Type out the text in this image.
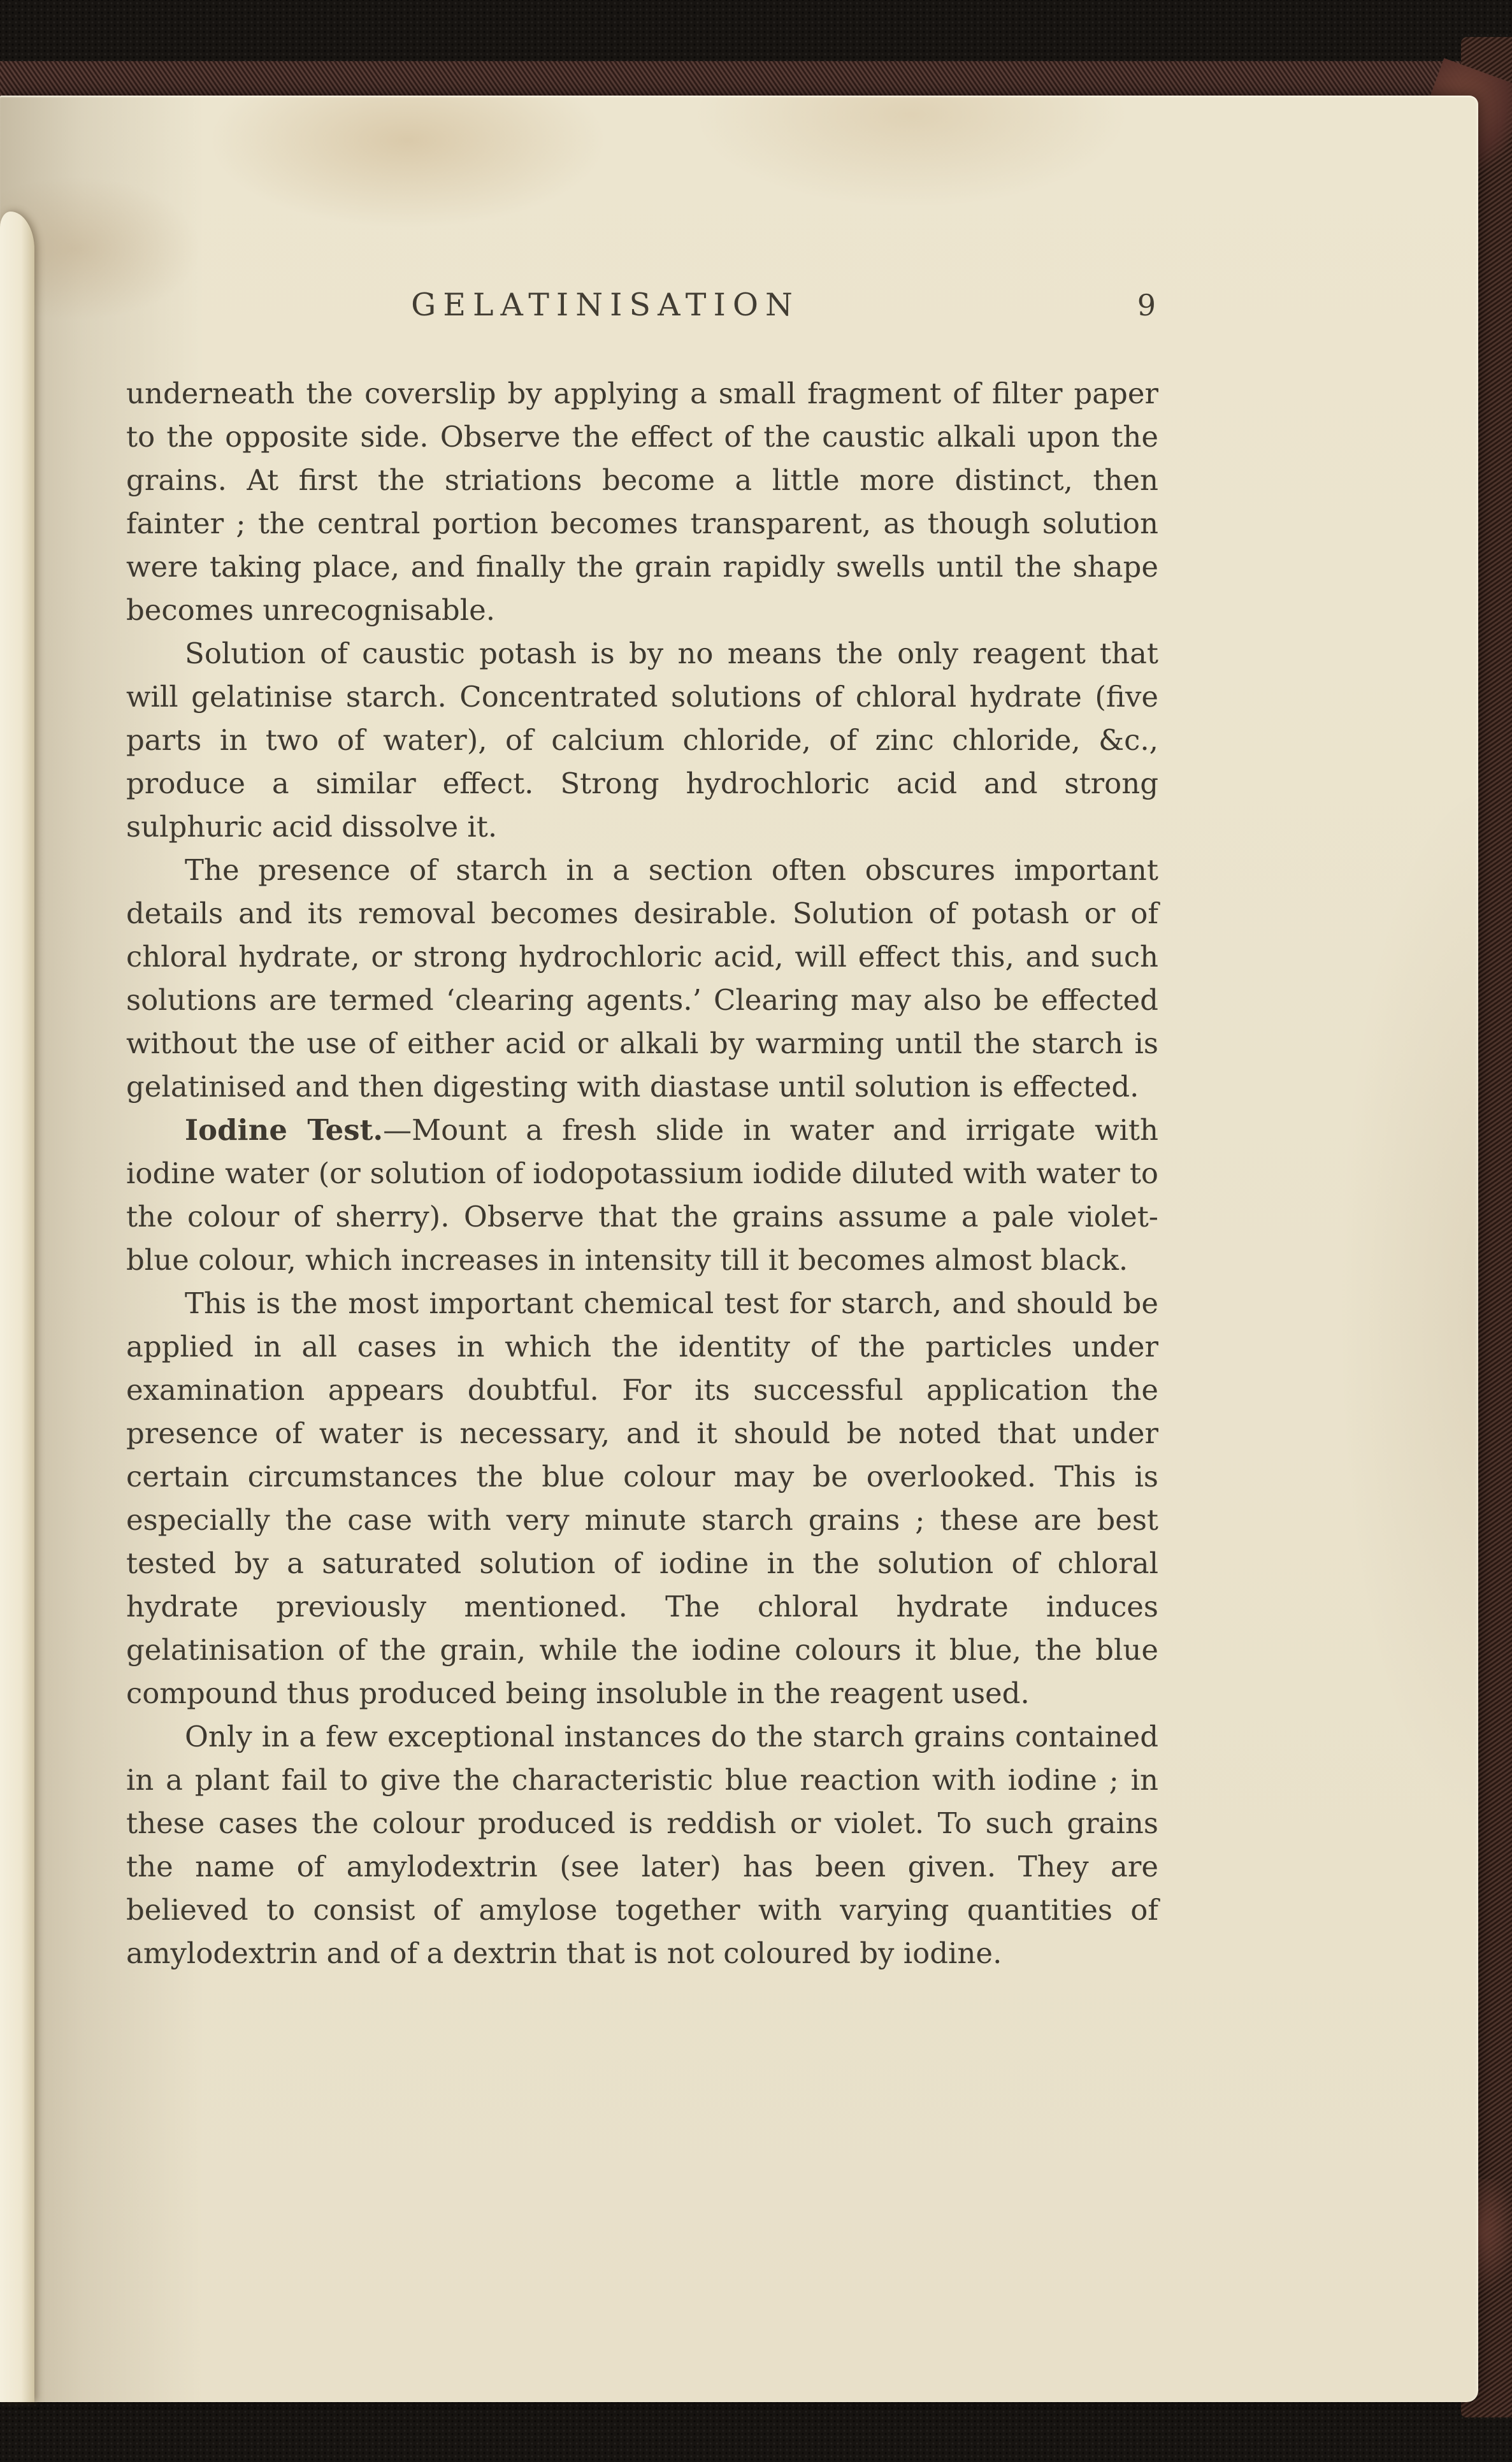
GELATINISATION	9

underneath the coverslip by applying a small fragment of filter paper to the opposite side. Observe the effect of the caustic alkali upon the grains. At first the striations become a little more distinct, then fainter ; the central portion becomes transparent, as though solution were taking place, and finally the grain rapidly swells until the shape becomes unrecognisable.

Solution of caustic potash is by no means the only reagent that will gelatinise starch. Concentrated solutions of chloral hydrate (five parts in two of water), of calcium chloride, of zinc chloride, &c., produce a similar effect. Strong hydrochloric acid and strong sulphuric acid dissolve it.

The presence of starch in a section often obscures important details and its removal becomes desirable. Solution of potash or of chloral hydrate, or strong hydrochloric acid, will effect this, and such solutions are termed ‘clearing agents.’ Clearing may also be effected without the use of either acid or alkali by warming until the starch is gelatinised and then digesting with diastase until solution is effected.

Iodine Test.—Mount a fresh slide in water and irrigate with iodine water (or solution of iodopotassium iodide diluted with water to the colour of sherry). Observe that the grains assume a pale violet-blue colour, which increases in intensity till it becomes almost black.

This is the most important chemical test for starch, and should be applied in all cases in which the identity of the particles under examination appears doubtful. For its successful application the presence of water is necessary, and it should be noted that under certain circumstances the blue colour may be overlooked. This is especially the case with very minute starch grains ; these are best tested by a saturated solution of iodine in the solution of chloral hydrate previously mentioned. The chloral hydrate induces gelatinisation of the grain, while the iodine colours it blue, the blue compound thus produced being insoluble in the reagent used.

Only in a few exceptional instances do the starch grains contained in a plant fail to give the characteristic blue reaction with iodine ; in these cases the colour produced is reddish or violet. To such grains the name of amylodextrin (see later) has been given. They are believed to consist of amylose together with varying quantities of amylodextrin and of a dextrin that is not coloured by iodine.
